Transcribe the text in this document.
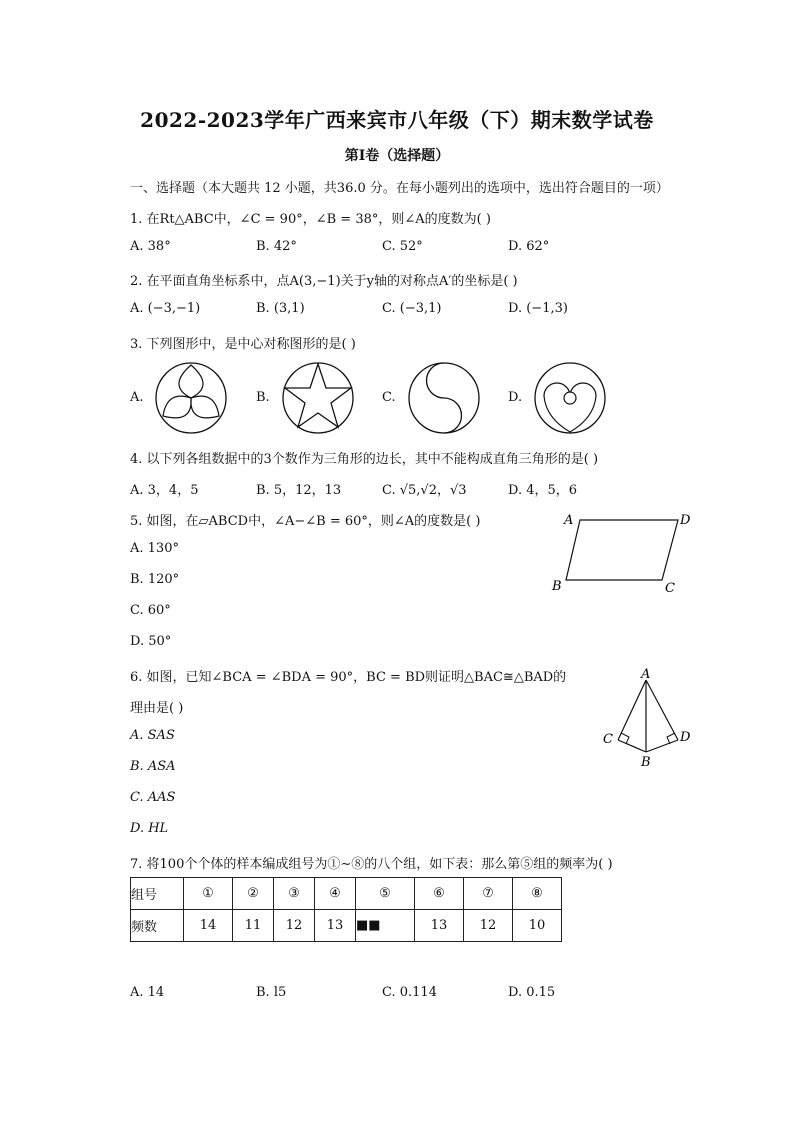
2022-2023学年广西来宾市八年级（下）期末数学试卷
第I卷（选择题）
一、选择题（本大题共 12 小题，共36.0 分。在每小题列出的选项中，选出符合题目的一项）
1. 在Rt△ABC中，∠C = 90°，∠B = 38°，则∠A的度数为( )
A. 38°	B. 42°	C. 52°	D. 62°
2. 在平面直角坐标系中，点A(3,−1)关于y轴的对称点A′的坐标是( )
A. (−3,−1)	B. (3,1)	C. (−3,1)	D. (−1,3)
3. 下列图形中，是中心对称图形的是( )
A.	B.	C.	D.
4. 以下列各组数据中的3个数作为三角形的边长，其中不能构成直角三角形的是( )
A. 3，4，5	B. 5，12，13	C. √5,√2，√3	D. 4，5，6
5. 如图，在▱ABCD中，∠A−∠B = 60°，则∠A的度数是( )
A. 130°
B. 120°
C. 60°
D. 50°
A	D
B	C
6. 如图，已知∠BCA = ∠BDA = 90°，BC = BD则证明△BAC≅△BAD的
理由是( )
A. SAS
B. ASA
C. AAS
D. HL
A
C	D
B
7. 将100个个体的样本编成组号为①∼⑧的八个组，如下表：那么第⑤组的频率为( )
组号	①	②	③	④	⑤	⑥	⑦	⑧
频数	14	11	12	13	■■	13	12	10
A. 14	B. l5	C. 0.114	D. 0.15
